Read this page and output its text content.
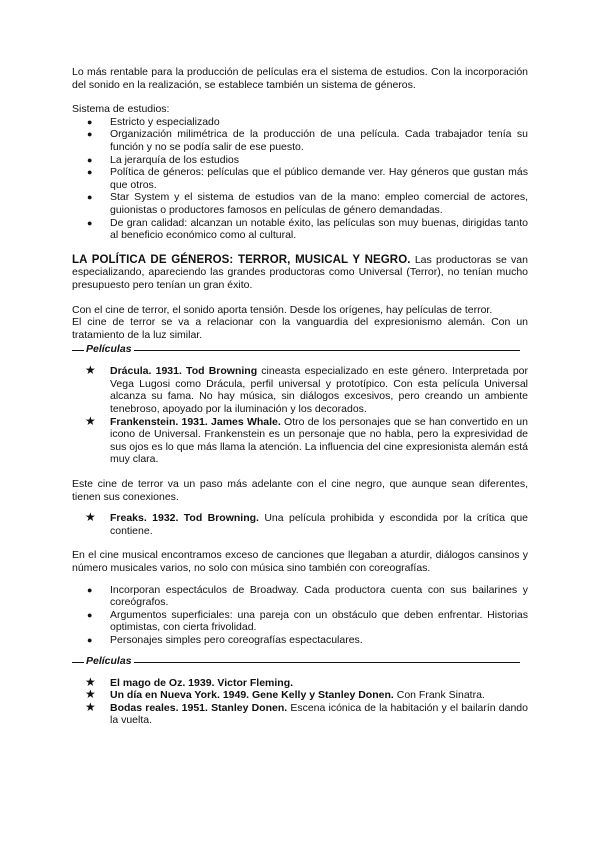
Lo más rentable para la producción de películas era el sistema de estudios. Con la incorporación del sonido en la realización, se establece también un sistema de géneros.

Sistema de estudios:

● Estricto y especializado
● Organización milimétrica de la producción de una película. Cada trabajador tenía su función y no se podía salir de ese puesto.
● La jerarquía de los estudios
● Política de géneros: películas que el público demande ver. Hay géneros que gustan más que otros.
● Star System y el sistema de estudios van de la mano: empleo comercial de actores, guionistas o productores famosos en películas de género demandadas.
● De gran calidad: alcanzan un notable éxito, las películas son muy buenas, dirigidas tanto al beneficio económico como al cultural.

LA POLÍTICA DE GÉNEROS: TERROR, MUSICAL Y NEGRO. Las productoras se van especializando, apareciendo las grandes productoras como Universal (Terror), no tenían mucho presupuesto pero tenían un gran éxito.

Con el cine de terror, el sonido aporta tensión. Desde los orígenes, hay películas de terror.

El cine de terror se va a relacionar con la vanguardia del expresionismo alemán. Con un tratamiento de la luz similar.

Películas
★ Drácula. 1931. Tod Browning cineasta especializado en este género. Interpretada por Vega Lugosi como Drácula, perfil universal y prototípico. Con esta película Universal alcanza su fama. No hay música, sin diálogos excesivos, pero creando un ambiente tenebroso, apoyado por la iluminación y los decorados.
★ Frankenstein. 1931. James Whale. Otro de los personajes que se han convertido en un icono de Universal. Frankenstein es un personaje que no habla, pero la expresividad de sus ojos es lo que más llama la atención. La influencia del cine expresionista alemán está muy clara.

Este cine de terror va un paso más adelante con el cine negro, que aunque sean diferentes, tienen sus conexiones.

★ Freaks. 1932. Tod Browning. Una película prohibida y escondida por la crítica que contiene.

En el cine musical encontramos exceso de canciones que llegaban a aturdir, diálogos cansinos y número musicales varios, no solo con música sino también con coreografías.

● Incorporan espectáculos de Broadway. Cada productora cuenta con sus bailarines y coreógrafos.
● Argumentos superficiales: una pareja con un obstáculo que deben enfrentar. Historias optimistas, con cierta frivolidad.
● Personajes simples pero coreografías espectaculares.
Películas
★ El mago de Oz. 1939. Victor Fleming.
★ Un día en Nueva York. 1949. Gene Kelly y Stanley Donen. Con Frank Sinatra.
★ Bodas reales. 1951. Stanley Donen. Escena icónica de la habitación y el bailarín dando la vuelta.
